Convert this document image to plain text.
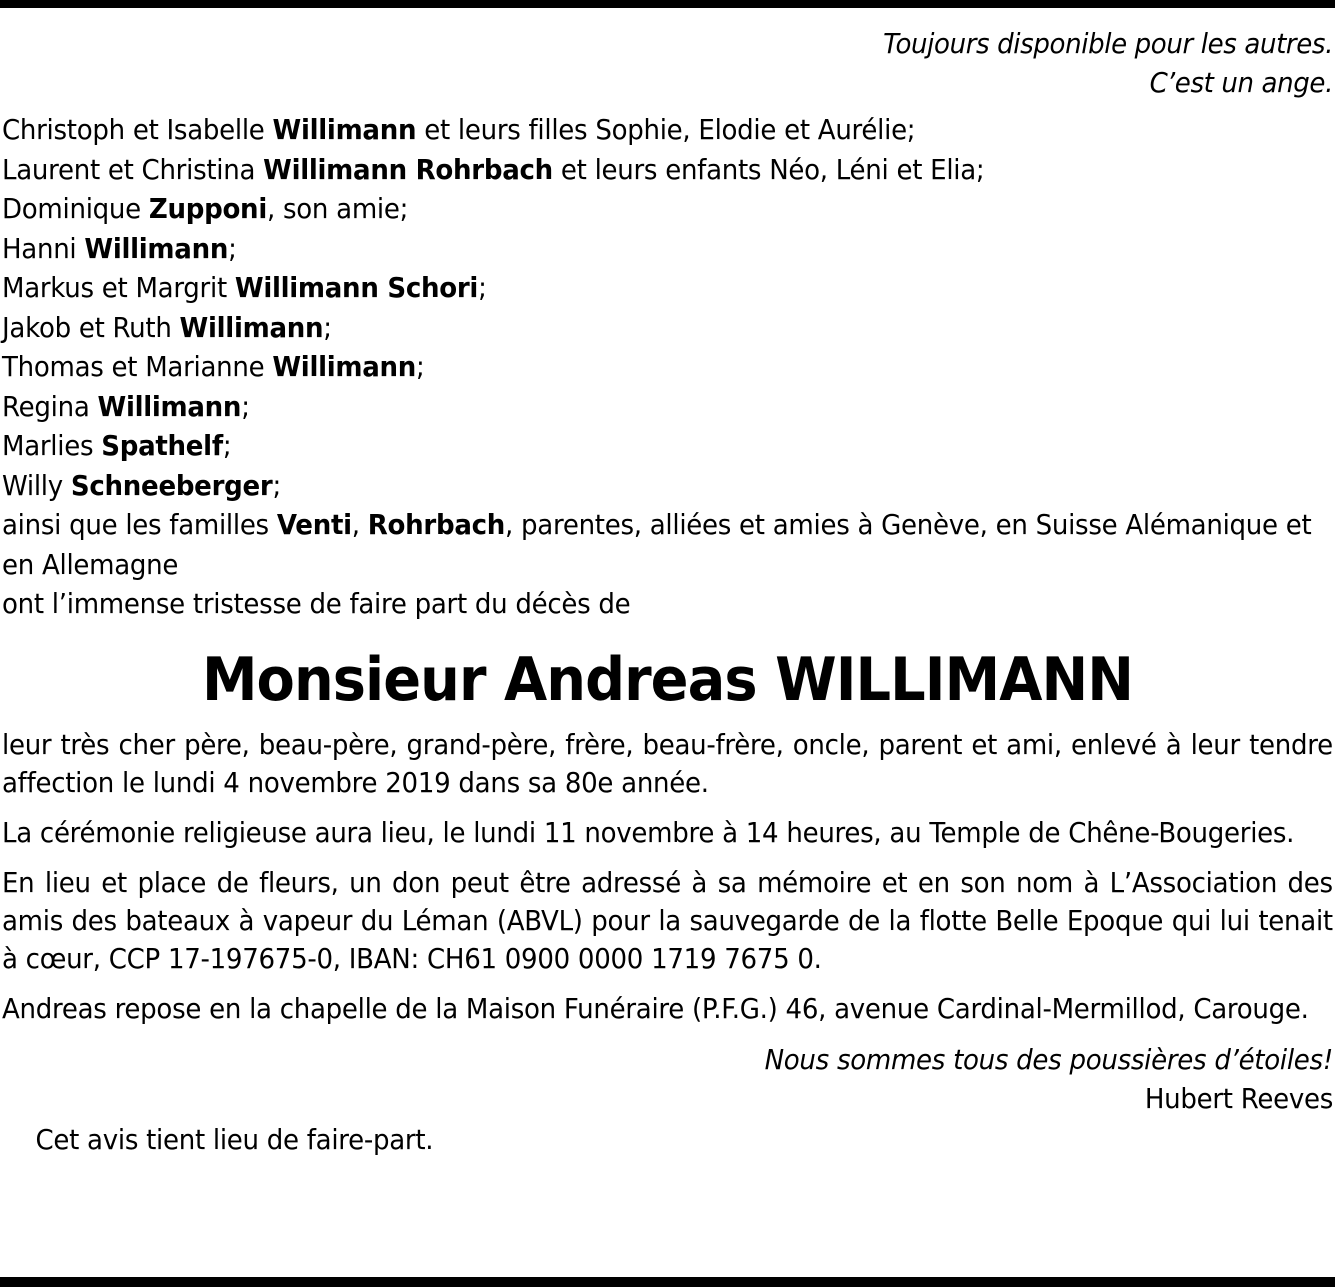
Toujours disponible pour les autres.
C’est un ange.
Christoph et Isabelle Willimann et leurs filles Sophie, Elodie et Aurélie;
Laurent et Christina Willimann Rohrbach et leurs enfants Néo, Léni et Elia;
Dominique Zupponi, son amie;
Hanni Willimann;
Markus et Margrit Willimann Schori;
Jakob et Ruth Willimann;
Thomas et Marianne Willimann;
Regina Willimann;
Marlies Spathelf;
Willy Schneeberger;
ainsi que les familles Venti, Rohrbach, parentes, alliées et amies à Genève, en Suisse Alémanique et en Allemagne
ont l’immense tristesse de faire part du décès de
Monsieur Andreas WILLIMANN
leur très cher père, beau-père, grand-père, frère, beau-frère, oncle, parent et ami, enlevé à leur tendre affection le lundi 4 novembre 2019 dans sa 80e année.
La cérémonie religieuse aura lieu, le lundi 11 novembre à 14 heures, au Temple de Chêne-Bougeries.
En lieu et place de fleurs, un don peut être adressé à sa mémoire et en son nom à L’Association des amis des bateaux à vapeur du Léman (ABVL) pour la sauvegarde de la flotte Belle Epoque qui lui tenait à cœur, CCP 17-197675-0, IBAN: CH61 0900 0000 1719 7675 0.
Andreas repose en la chapelle de la Maison Funéraire (P.F.G.) 46, avenue Cardinal-Mermillod, Carouge.
Nous sommes tous des poussières d’étoiles!
Hubert Reeves
Cet avis tient lieu de faire-part.
